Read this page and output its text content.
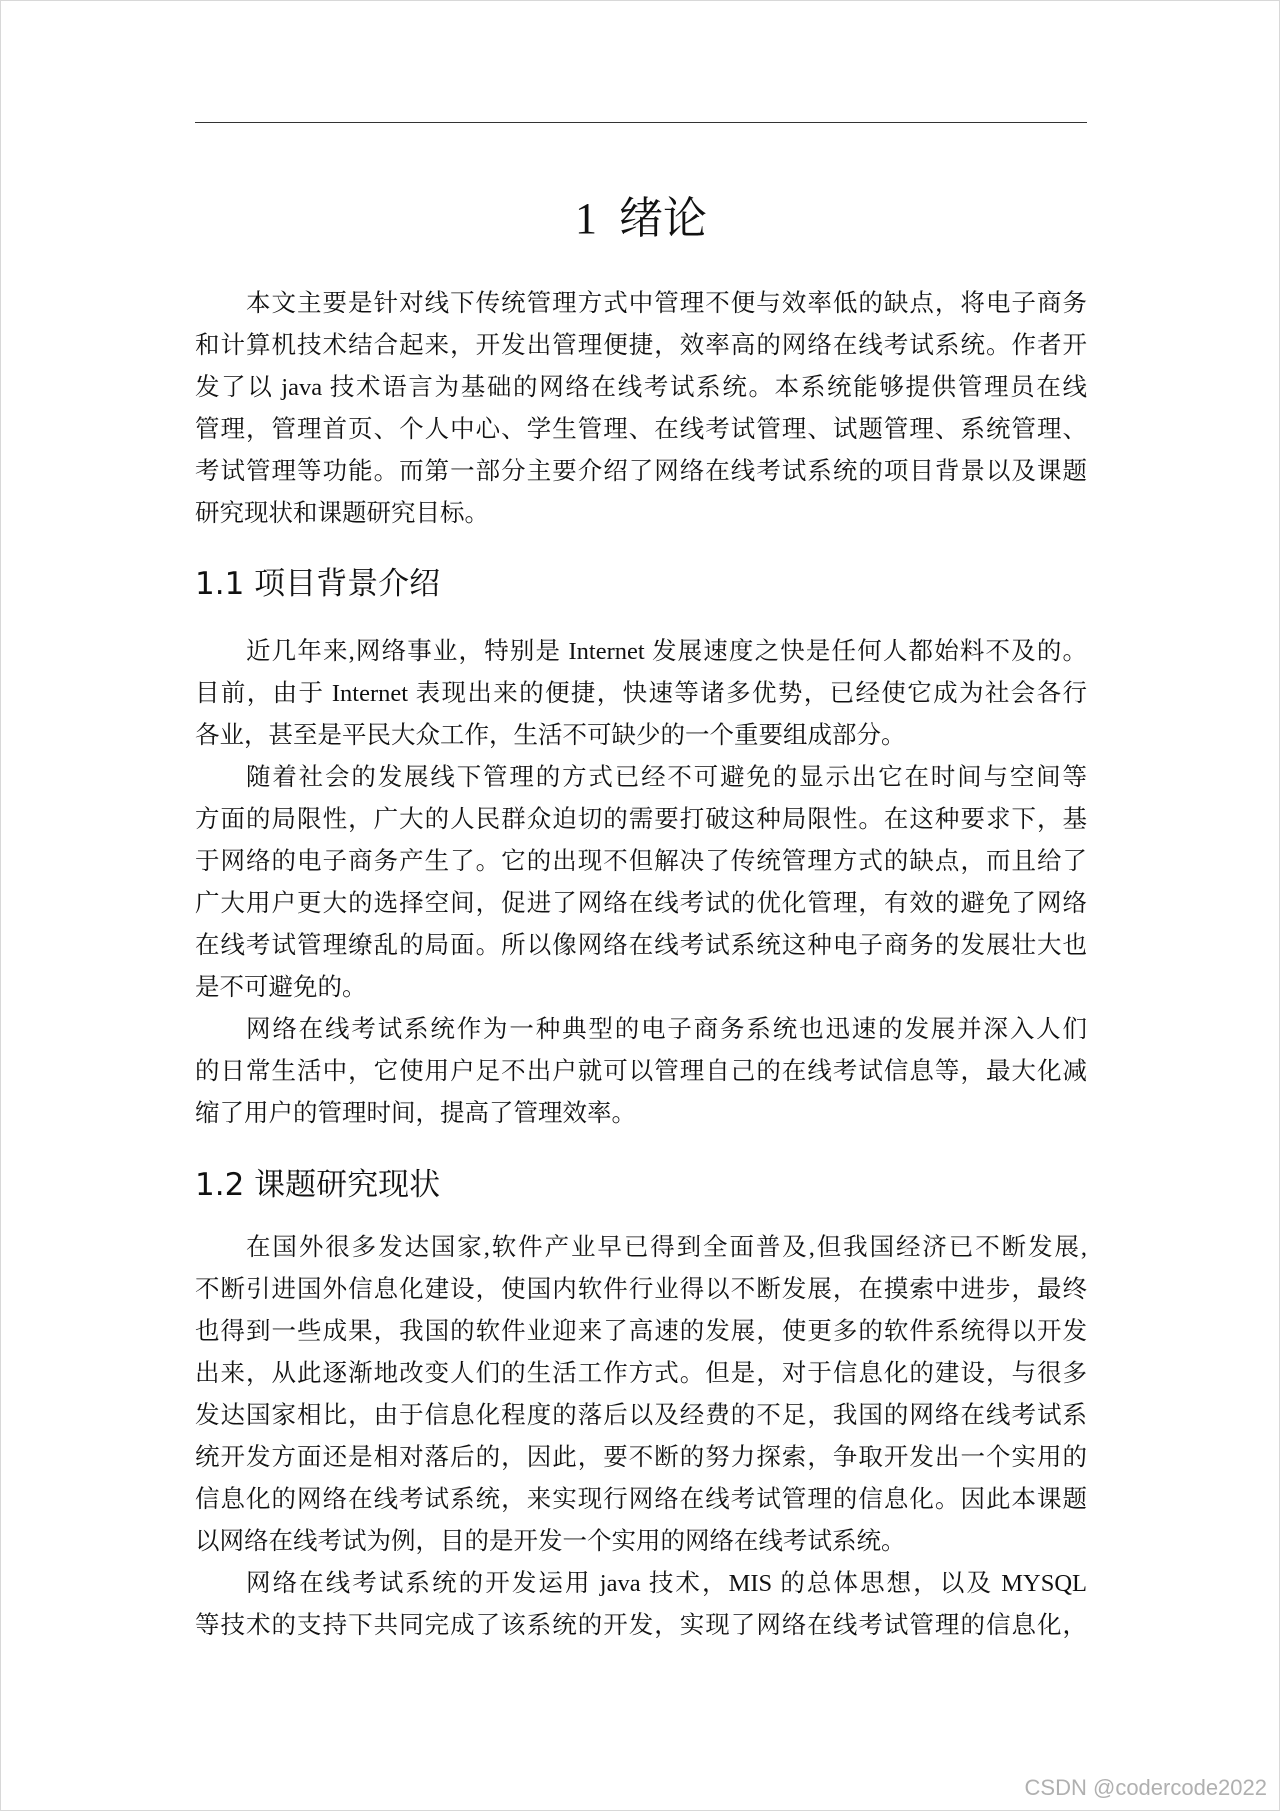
1 绪论
本文主要是针对线下传统管理方式中管理不便与效率低的缺点，将电子商务
和计算机技术结合起来，开发出管理便捷，效率高的网络在线考试系统。作者开
发了以 java 技术语言为基础的网络在线考试系统。本系统能够提供管理员在线
管理，管理首页、个人中心、学生管理、在线考试管理、试题管理、系统管理、
考试管理等功能。而第一部分主要介绍了网络在线考试系统的项目背景以及课题
研究现状和课题研究目标。
1.1 项目背景介绍
近几年来,网络事业，特别是 Internet 发展速度之快是任何人都始料不及的。
目前，由于 Internet 表现出来的便捷，快速等诸多优势，已经使它成为社会各行
各业，甚至是平民大众工作，生活不可缺少的一个重要组成部分。
随着社会的发展线下管理的方式已经不可避免的显示出它在时间与空间等
方面的局限性，广大的人民群众迫切的需要打破这种局限性。在这种要求下，基
于网络的电子商务产生了。它的出现不但解决了传统管理方式的缺点，而且给了
广大用户更大的选择空间，促进了网络在线考试的优化管理，有效的避免了网络
在线考试管理缭乱的局面。所以像网络在线考试系统这种电子商务的发展壮大也
是不可避免的。
网络在线考试系统作为一种典型的电子商务系统也迅速的发展并深入人们
的日常生活中，它使用户足不出户就可以管理自己的在线考试信息等，最大化减
缩了用户的管理时间，提高了管理效率。
1.2 课题研究现状
在国外很多发达国家,软件产业早已得到全面普及,但我国经济已不断发展,
不断引进国外信息化建设，使国内软件行业得以不断发展，在摸索中进步，最终
也得到一些成果，我国的软件业迎来了高速的发展，使更多的软件系统得以开发
出来，从此逐渐地改变人们的生活工作方式。但是，对于信息化的建设，与很多
发达国家相比，由于信息化程度的落后以及经费的不足，我国的网络在线考试系
统开发方面还是相对落后的，因此，要不断的努力探索，争取开发出一个实用的
信息化的网络在线考试系统，来实现行网络在线考试管理的信息化。因此本课题
以网络在线考试为例，目的是开发一个实用的网络在线考试系统。
网络在线考试系统的开发运用 java 技术，MIS 的总体思想，以及 MYSQL
等技术的支持下共同完成了该系统的开发，实现了网络在线考试管理的信息化，
CSDN @codercode2022
